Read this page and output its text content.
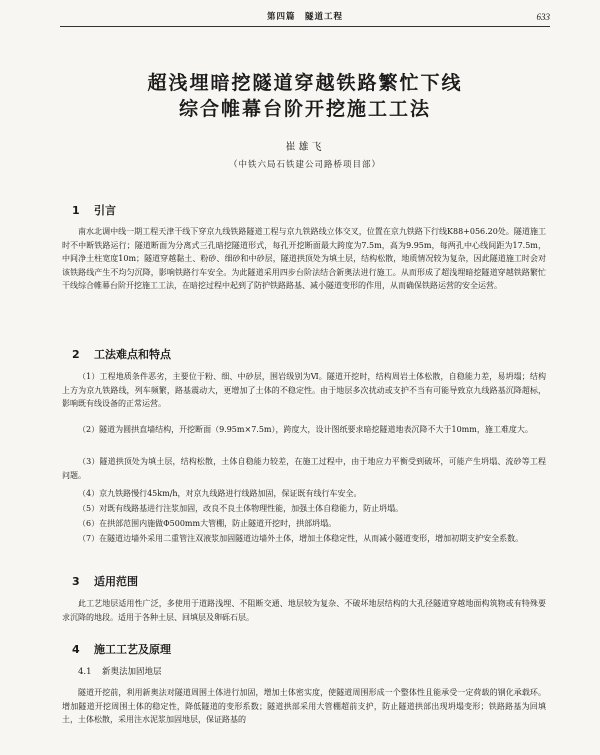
第四篇　隧道工程	633
超浅埋暗挖隧道穿越铁路繁忙下线
综合帷幕台阶开挖施工工法
崔雄飞
（中铁六局石铁建公司路桥项目部）
1 引言

南水北调中线一期工程天津干线下穿京九线铁路隧道工程与京九铁路线立体交叉，位置在京九铁路下行线K88+056.20处。隧道施工时不中断铁路运行；隧道断面为分离式三孔暗挖隧道形式，每孔开挖断面最大跨度为7.5m，高为9.95m，每两孔中心线间距为17.5m，中间净土柱宽度10m；隧道穿越黏土、粉砂、细砂和中砂层，隧道拱顶处为填土层，结构松散，地质情况较为复杂，因此隧道施工时会对该铁路线产生不均匀沉降，影响铁路行车安全。为此隧道采用四步台阶法结合新奥法进行施工。从而形成了超浅埋暗挖隧道穿越铁路繁忙干线综合帷幕台阶开挖施工工法，在暗挖过程中起到了防护铁路路基、减小隧道变形的作用，从而确保铁路运营的安全运营。

2 工法难点和特点

（1）工程地质条件恶劣，主要位于粉、细、中砂层，围岩级别为Ⅵ。隧道开挖时，结构周岩土体松散，自稳能力差，易坍塌；结构上方为京九铁路线，列车频繁，路基震动大，更增加了土体的不稳定性。由于地层多次扰动或支护不当有可能导致京九线路基沉降超标，影响既有线设备的正常运营。

（2）隧道为圆拱直墙结构，开挖断面（9.95m×7.5m），跨度大，设计图纸要求暗挖隧道地表沉降不大于10mm，施工难度大。

（3）隧道拱顶处为填土层，结构松散，土体自稳能力较差，在施工过程中，由于地应力平衡受到破坏，可能产生坍塌、流砂等工程问题。

（4）京九铁路慢行45km/h，对京九线路进行线路加固，保证既有线行车安全。

（5）对既有线路基进行注浆加固，改良不良土体物理性能，加强土体自稳能力，防止坍塌。

（6）在拱部范围内施做Φ500mm大管棚，防止隧道开挖时，拱部坍塌。

（7）在隧道边墙外采用二重管注双液浆加固隧道边墙外土体，增加土体稳定性，从而减小隧道变形，增加初期支护安全系数。

3 适用范围

此工艺地层适用性广泛，多使用于道路浅埋、不阻断交通、地层较为复杂、不破坏地层结构的大孔径隧道穿越地面构筑物或有特殊要求沉降的地段。适用于各种土层、回填层及卵砾石层。

4 施工工艺及原理
4.1 新奥法加固地层

隧道开挖前，利用新奥法对隧道周围土体进行加固，增加土体密实度，使隧道周围形成一个整体性且能承受一定荷载的钢化承载环。增加隧道开挖周围土体的稳定性，降低隧道的变形系数；隧道拱部采用大管棚超前支护，防止隧道拱部出现坍塌变形；铁路路基为回填土，土体松散，采用注水泥浆加固地层，保证路基的
